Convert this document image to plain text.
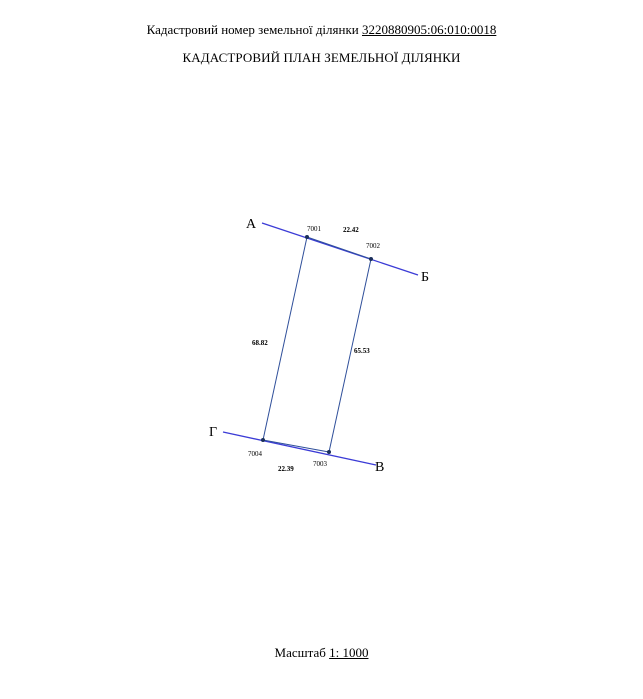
Кадастровий номер земельної ділянки 3220880905:06:010:0018
КАДАСТРОВИЙ ПЛАН ЗЕМЕЛЬНОЇ ДІЛЯНКИ
А
Б
В
Г
7001
7002
7003
7004
22.42
65.53
22.39
68.82
Масштаб 1: 1000
